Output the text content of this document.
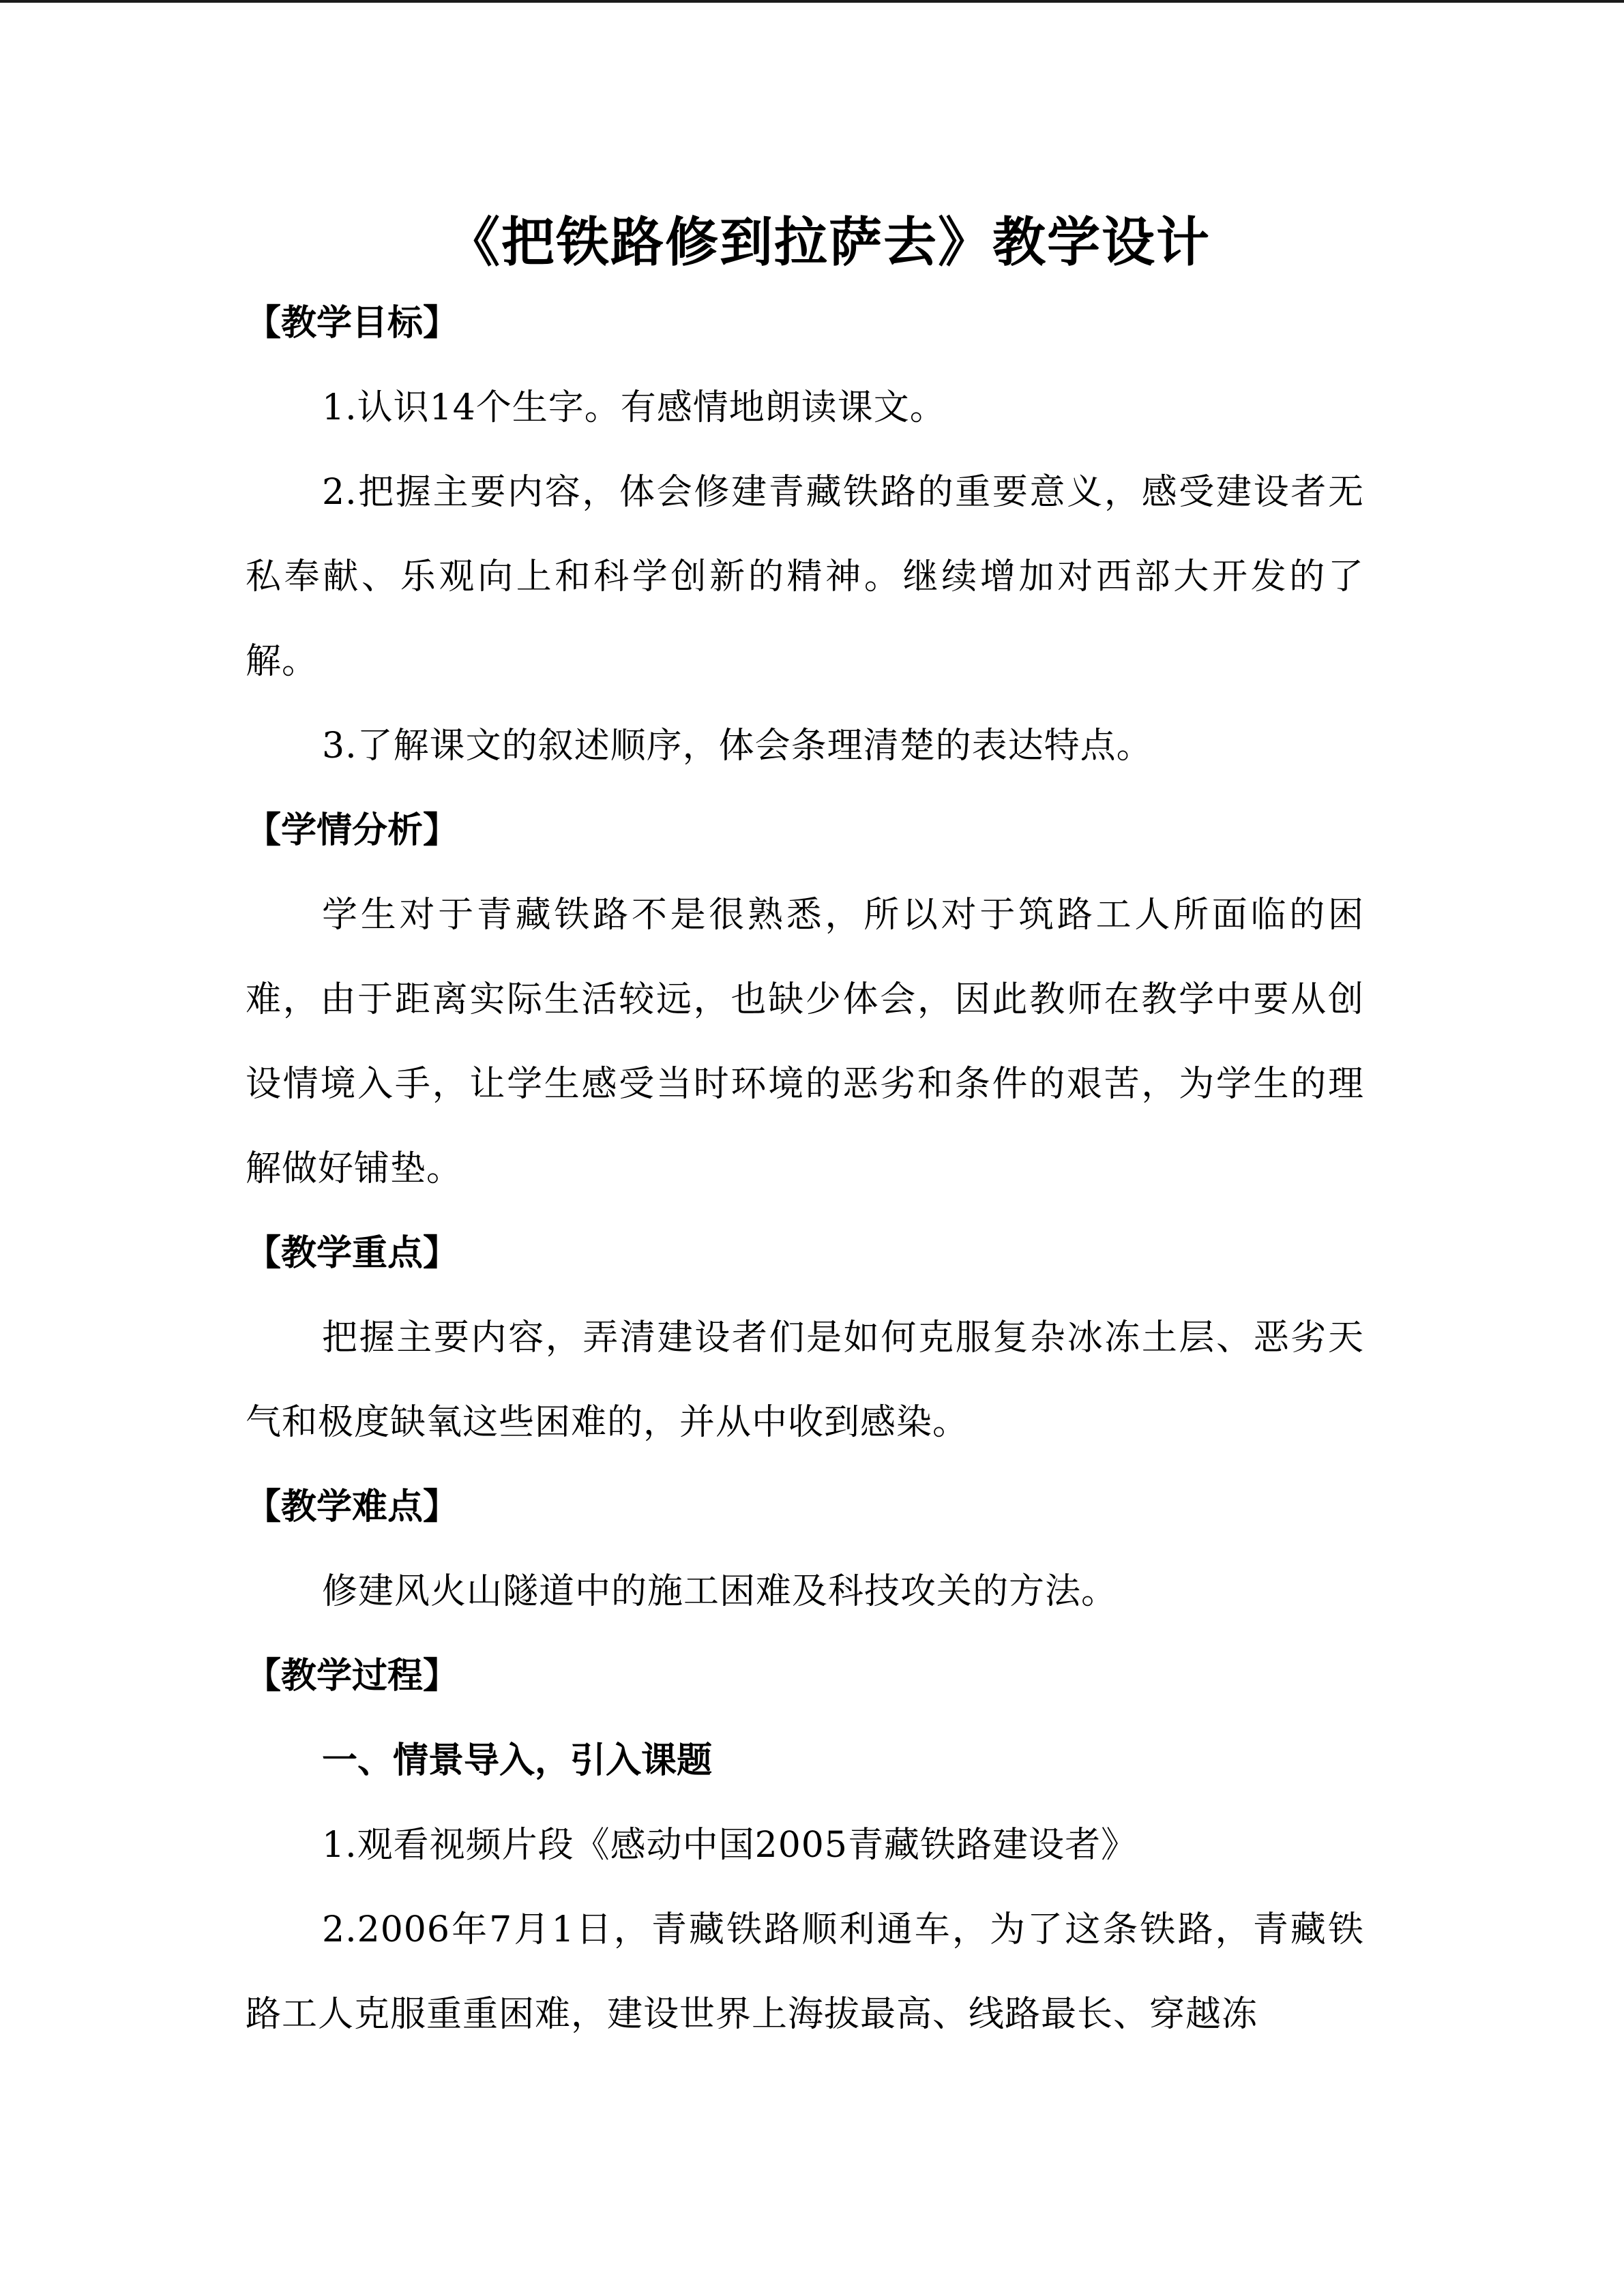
《把铁路修到拉萨去》教学设计
【教学目标】

1.认识14个生字。有感情地朗读课文。

2.把握主要内容，体会修建青藏铁路的重要意义，感受建设者无私奉献、乐观向上和科学创新的精神。继续增加对西部大开发的了解。

3.了解课文的叙述顺序，体会条理清楚的表达特点。

【学情分析】

学生对于青藏铁路不是很熟悉，所以对于筑路工人所面临的困难，由于距离实际生活较远，也缺少体会，因此教师在教学中要从创设情境入手，让学生感受当时环境的恶劣和条件的艰苦，为学生的理解做好铺垫。

【教学重点】

把握主要内容，弄清建设者们是如何克服复杂冰冻土层、恶劣天气和极度缺氧这些困难的，并从中收到感染。

【教学难点】

修建风火山隧道中的施工困难及科技攻关的方法。

【教学过程】
一、情景导入，引入课题

1.观看视频片段《感动中国2005青藏铁路建设者》

2.2006年7月1日，青藏铁路顺利通车，为了这条铁路，青藏铁路工人克服重重困难，建设世界上海拔最高、线路最长、穿越冻
